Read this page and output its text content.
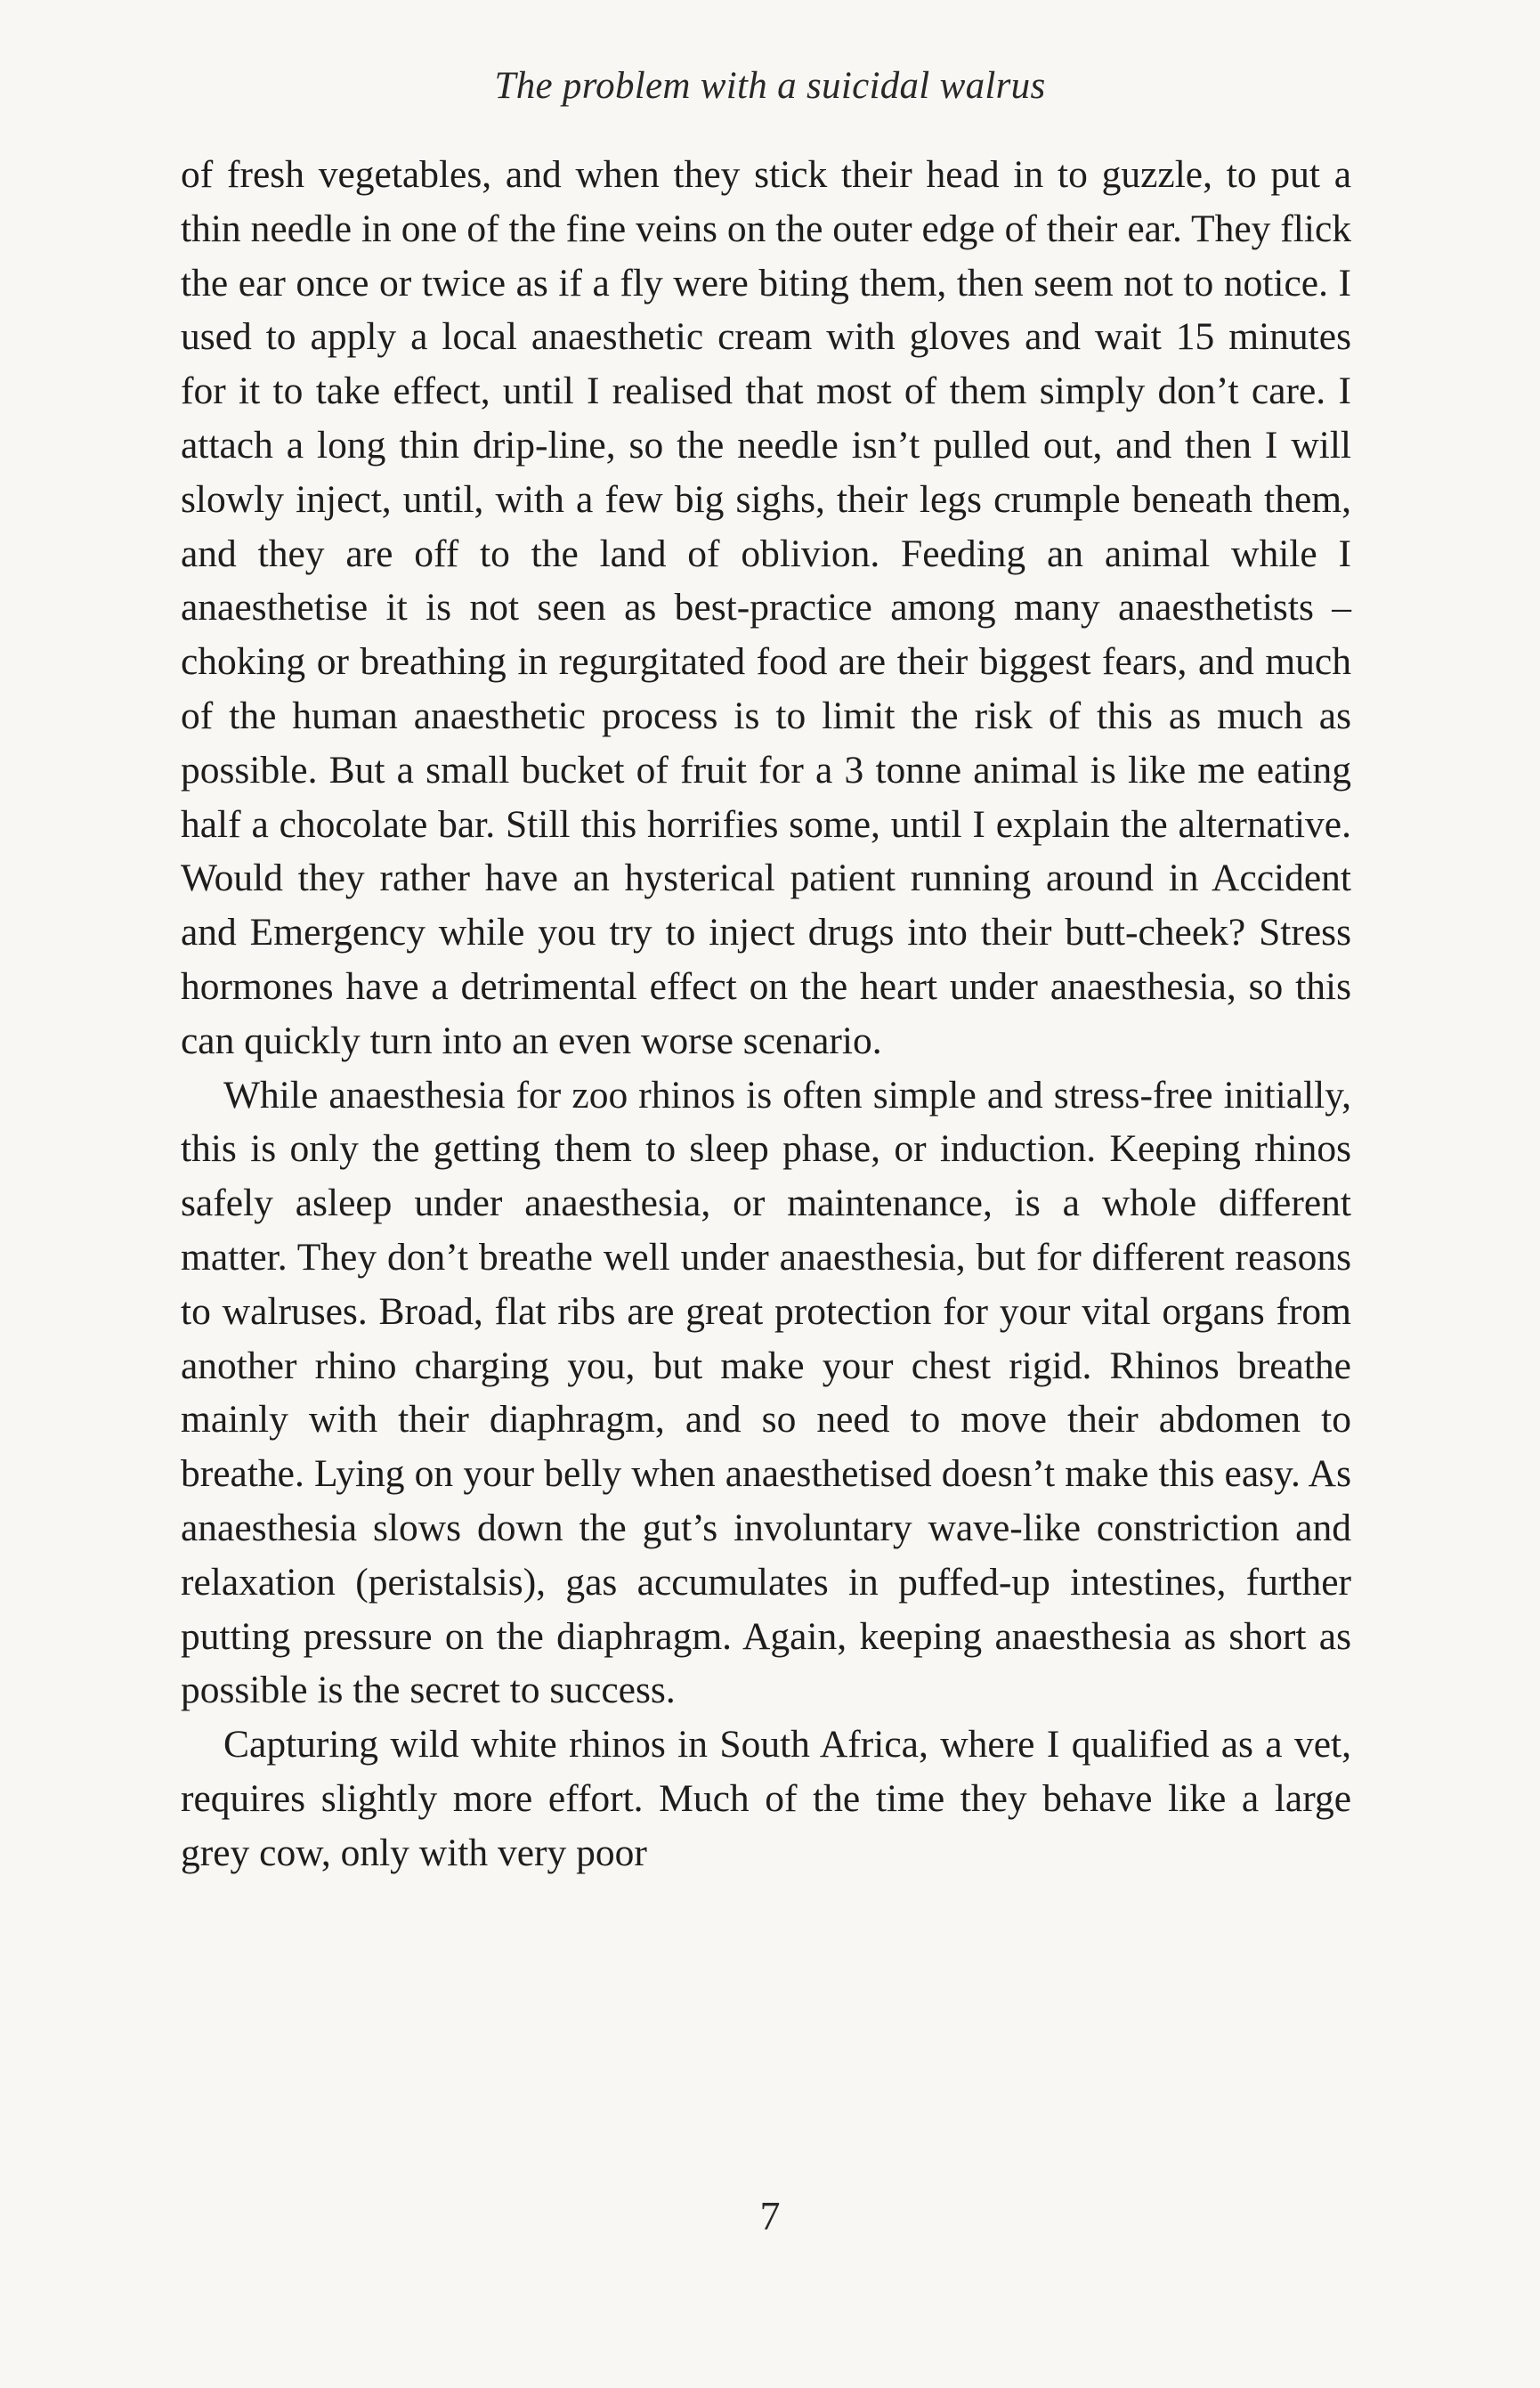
The problem with a suicidal walrus

of fresh vegetables, and when they stick their head in to guzzle, to put a thin needle in one of the fine veins on the outer edge of their ear. They flick the ear once or twice as if a fly were biting them, then seem not to notice. I used to apply a local anaesthetic cream with gloves and wait 15 minutes for it to take effect, until I realised that most of them simply don’t care. I attach a long thin drip-line, so the needle isn’t pulled out, and then I will slowly inject, until, with a few big sighs, their legs crumple beneath them, and they are off to the land of oblivion. Feeding an animal while I anaesthetise it is not seen as best-practice among many anaesthetists – choking or breathing in regurgitated food are their biggest fears, and much of the human anaesthetic process is to limit the risk of this as much as possible. But a small bucket of fruit for a 3 tonne animal is like me eating half a chocolate bar. Still this horrifies some, until I explain the alternative. Would they rather have an hysterical patient running around in Accident and Emergency while you try to inject drugs into their butt-cheek? Stress hormones have a detrimental effect on the heart under anaesthesia, so this can quickly turn into an even worse scenario.

While anaesthesia for zoo rhinos is often simple and stress-free initially, this is only the getting them to sleep phase, or induction. Keeping rhinos safely asleep under anaesthesia, or maintenance, is a whole different matter. They don’t breathe well under anaesthesia, but for different reasons to walruses. Broad, flat ribs are great protection for your vital organs from another rhino charging you, but make your chest rigid. Rhinos breathe mainly with their diaphragm, and so need to move their abdomen to breathe. Lying on your belly when anaesthetised doesn’t make this easy. As anaesthesia slows down the gut’s involuntary wave-like constriction and relaxation (peristalsis), gas accumulates in puffed-up intestines, further putting pressure on the diaphragm. Again, keeping anaesthesia as short as possible is the secret to success.

Capturing wild white rhinos in South Africa, where I qualified as a vet, requires slightly more effort. Much of the time they behave like a large grey cow, only with very poor

7
